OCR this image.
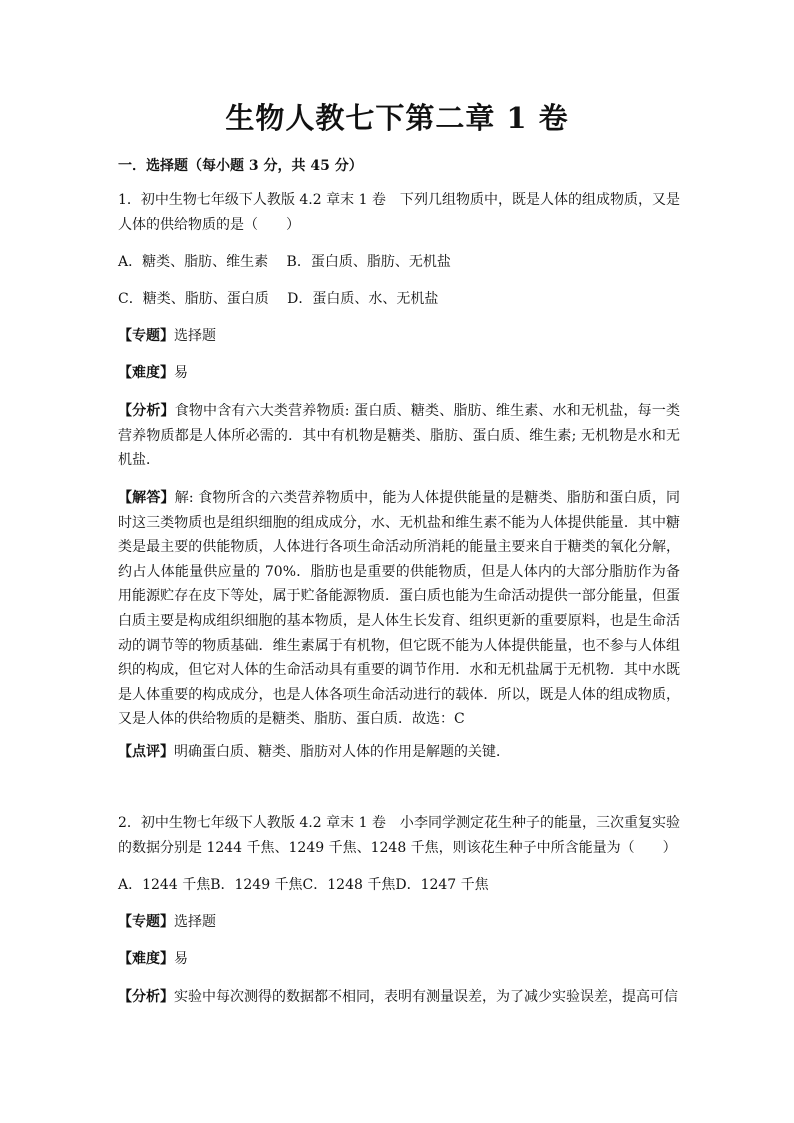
生物人教七下第二章 1 卷
一．选择题（每小题 3 分，共 45 分）

1．初中生物七年级下人教版 4.2 章末 1 卷　下列几组物质中，既是人体的组成物质，又是人体的供给物质的是（　　）

A．糖类、脂肪、维生素　 B．蛋白质、脂肪、无机盐

C．糖类、脂肪、蛋白质　 D．蛋白质、水、无机盐

【专题】选择题

【难度】易

【分析】食物中含有六大类营养物质: 蛋白质、糖类、脂肪、维生素、水和无机盐，每一类营养物质都是人体所必需的．其中有机物是糖类、脂肪、蛋白质、维生素; 无机物是水和无机盐．

【解答】解: 食物所含的六类营养物质中，能为人体提供能量的是糖类、脂肪和蛋白质，同时这三类物质也是组织细胞的组成成分，水、无机盐和维生素不能为人体提供能量．其中糖类是最主要的供能物质，人体进行各项生命活动所消耗的能量主要来自于糖类的氧化分解，约占人体能量供应量的 70%．脂肪也是重要的供能物质，但是人体内的大部分脂肪作为备用能源贮存在皮下等处，属于贮备能源物质．蛋白质也能为生命活动提供一部分能量，但蛋白质主要是构成组织细胞的基本物质，是人体生长发育、组织更新的重要原料，也是生命活动的调节等的物质基础．维生素属于有机物，但它既不能为人体提供能量，也不参与人体组织的构成，但它对人体的生命活动具有重要的调节作用．水和无机盐属于无机物．其中水既是人体重要的构成成分，也是人体各项生命活动进行的载体．所以，既是人体的组成物质，又是人体的供给物质的是糖类、脂肪、蛋白质．故选：C

【点评】明确蛋白质、糖类、脂肪对人体的作用是解题的关键．

2．初中生物七年级下人教版 4.2 章末 1 卷　小李同学测定花生种子的能量，三次重复实验的数据分别是 1244 千焦、1249 千焦、1248 千焦，则该花生种子中所含能量为（　　）

A．1244 千焦B．1249 千焦C．1248 千焦D．1247 千焦

【专题】选择题

【难度】易

【分析】实验中每次测得的数据都不相同，表明有测量误差，为了减少实验误差，提高可信
